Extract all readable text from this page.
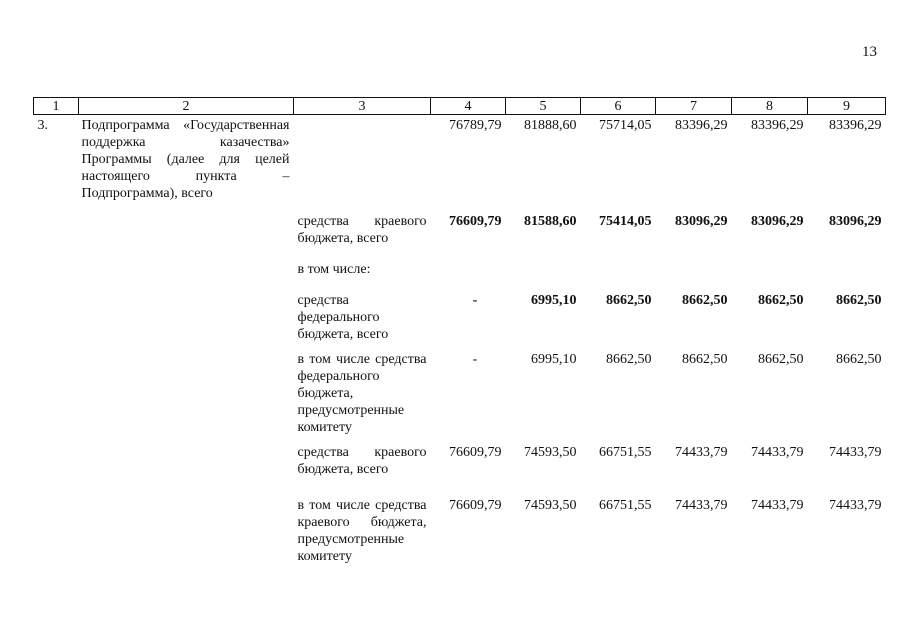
13
1	2	3	4	5	6	7	8	9
3.	Подпрограмма «Государственная поддержка казачества» Программы (далее для целей настоящего пункта – Подпрограмма), всего		76789,79	81888,60	75714,05	83396,29	83396,29	83396,29
		средства краевого бюджета, всего	76609,79	81588,60	75414,05	83096,29	83096,29	83096,29
		в том числе:						
		средства федерального бюджета, всего	-	6995,10	8662,50	8662,50	8662,50	8662,50
		в том числе средства федерального бюджета, предусмотренные комитету	-	6995,10	8662,50	8662,50	8662,50	8662,50
		средства краевого бюджета, всего	76609,79	74593,50	66751,55	74433,79	74433,79	74433,79
		в том числе средства краевого бюджета, предусмотренные комитету	76609,79	74593,50	66751,55	74433,79	74433,79	74433,79
